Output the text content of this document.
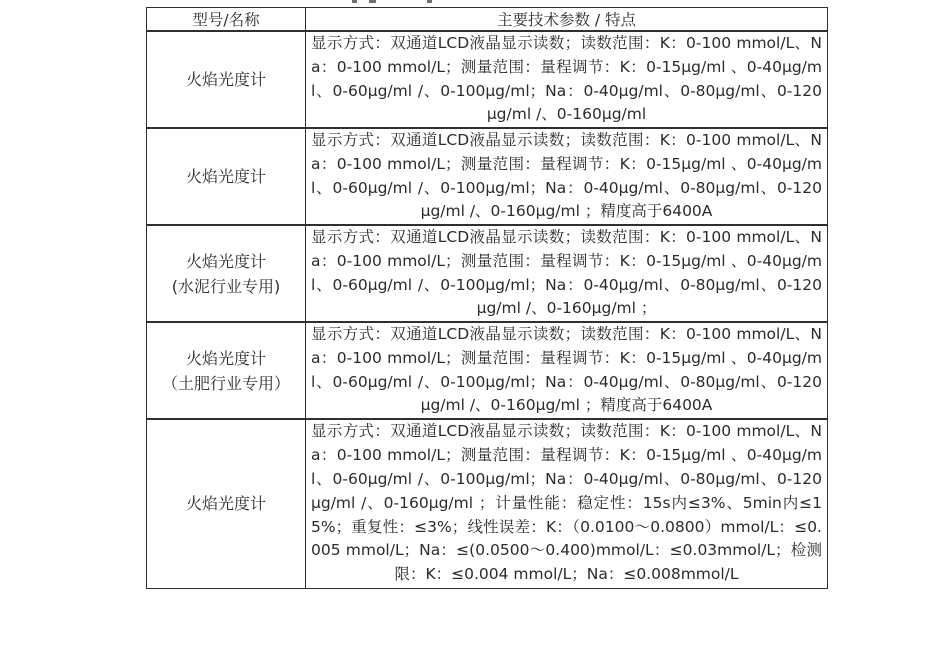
型号/名称	主要技术参数 / 特点

火焰光度计	显示方式：双通道LCD液晶显示读数；读数范围：K：0-100 mmol/L、Na：0-100 mmol/L；测量范围：量程调节：K：0-15μg/ml 、0-40μg/ml、0-60μg/ml /、0-100μg/ml；Na：0-40μg/ml、0-80μg/ml、0-120μg/ml /、0-160μg/ml

火焰光度计	显示方式：双通道LCD液晶显示读数；读数范围：K：0-100 mmol/L、Na：0-100 mmol/L；测量范围：量程调节：K：0-15μg/ml 、0-40μg/ml、0-60μg/ml /、0-100μg/ml；Na：0-40μg/ml、0-80μg/ml、0-120μg/ml /、0-160μg/ml ；精度高于6400A

火焰光度计
(水泥行业专用)	显示方式：双通道LCD液晶显示读数；读数范围：K：0-100 mmol/L、Na：0-100 mmol/L；测量范围：量程调节：K：0-15μg/ml 、0-40μg/ml、0-60μg/ml /、0-100μg/ml；Na：0-40μg/ml、0-80μg/ml、0-120μg/ml /、0-160μg/ml ；

火焰光度计
（土肥行业专用）	显示方式：双通道LCD液晶显示读数；读数范围：K：0-100 mmol/L、Na：0-100 mmol/L；测量范围：量程调节：K：0-15μg/ml 、0-40μg/ml、0-60μg/ml /、0-100μg/ml；Na：0-40μg/ml、0-80μg/ml、0-120μg/ml /、0-160μg/ml ；精度高于6400A

火焰光度计	显示方式：双通道LCD液晶显示读数；读数范围：K：0-100 mmol/L、Na：0-100 mmol/L；测量范围：量程调节：K：0-15μg/ml 、0-40μg/ml、0-60μg/ml /、0-100μg/ml；Na：0-40μg/ml、0-80μg/ml、0-120μg/ml /、0-160μg/ml ；计量性能：稳定性：15s内≤3%、5min内≤15%；重复性：≤3%；线性误差：K：（0.0100～0.0800）mmol/L：≤0.005 mmol/L；Na：≤(0.0500～0.400)mmol/L：≤0.03mmol/L；检测限：K：≤0.004 mmol/L；Na：≤0.008mmol/L
